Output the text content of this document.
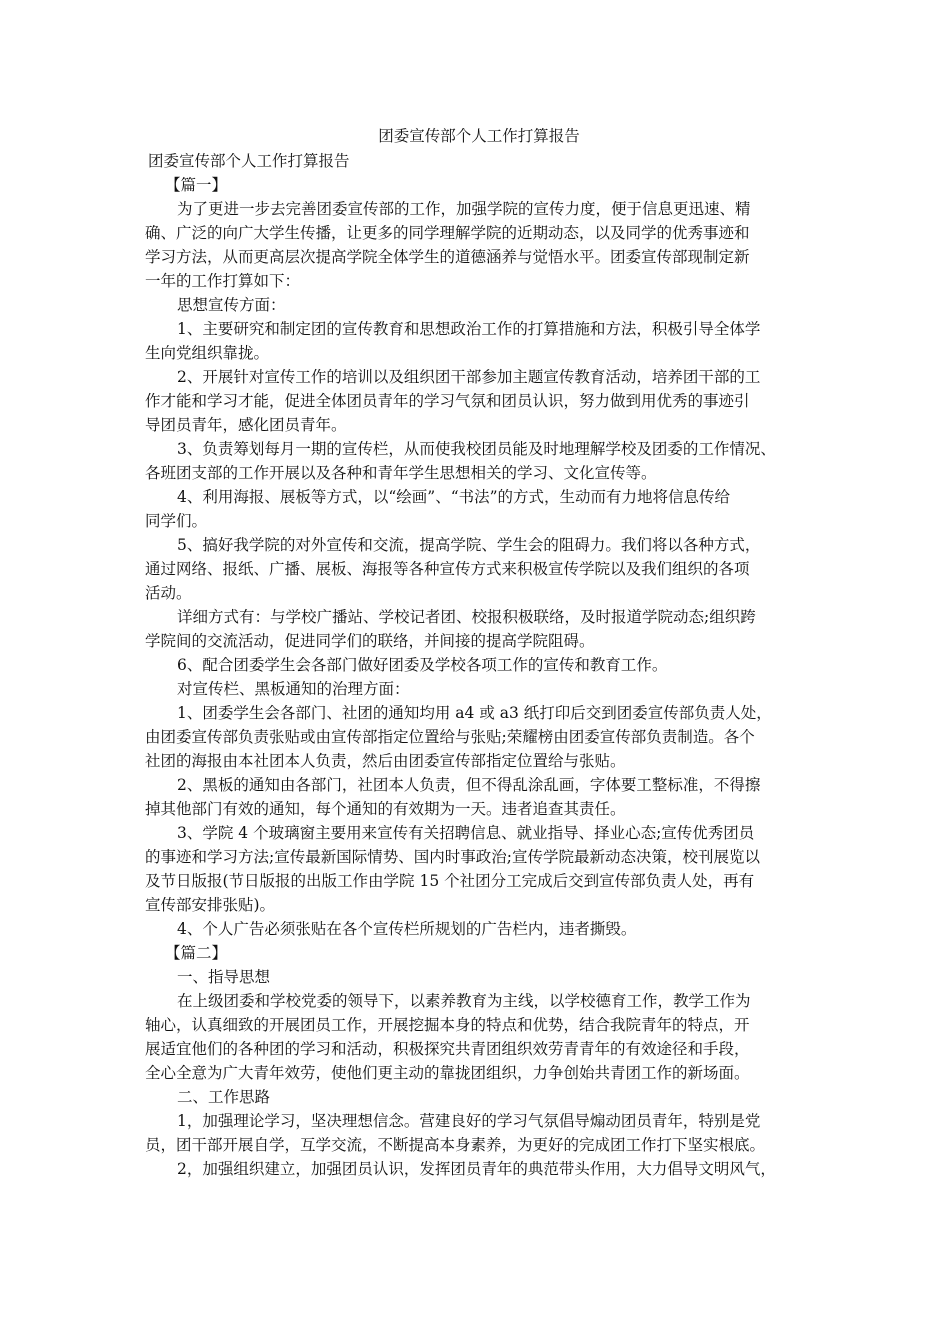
团委宣传部个人工作打算报告
团委宣传部个人工作打算报告
【篇一】
为了更进一步去完善团委宣传部的工作，加强学院的宣传力度，便于信息更迅速、精
确、广泛的向广大学生传播，让更多的同学理解学院的近期动态，以及同学的优秀事迹和
学习方法，从而更高层次提高学院全体学生的道德涵养与觉悟水平。团委宣传部现制定新
一年的工作打算如下：
思想宣传方面：
1、主要研究和制定团的宣传教育和思想政治工作的打算措施和方法，积极引导全体学
生向党组织靠拢。
2、开展针对宣传工作的培训以及组织团干部参加主题宣传教育活动，培养团干部的工
作才能和学习才能，促进全体团员青年的学习气氛和团员认识，努力做到用优秀的事迹引
导团员青年，感化团员青年。
3、负责筹划每月一期的宣传栏，从而使我校团员能及时地理解学校及团委的工作情况、
各班团支部的工作开展以及各种和青年学生思想相关的学习、文化宣传等。
4、利用海报、展板等方式，以“绘画”、“书法”的方式，生动而有力地将信息传给
同学们。
5、搞好我学院的对外宣传和交流，提高学院、学生会的阻碍力。我们将以各种方式，
通过网络、报纸、广播、展板、海报等各种宣传方式来积极宣传学院以及我们组织的各项
活动。
详细方式有：与学校广播站、学校记者团、校报积极联络，及时报道学院动态;组织跨
学院间的交流活动，促进同学们的联络，并间接的提高学院阻碍。
6、配合团委学生会各部门做好团委及学校各项工作的宣传和教育工作。
对宣传栏、黑板通知的治理方面：
1、团委学生会各部门、社团的通知均用 a4 或 a3 纸打印后交到团委宣传部负责人处，
由团委宣传部负责张贴或由宣传部指定位置给与张贴;荣耀榜由团委宣传部负责制造。各个
社团的海报由本社团本人负责，然后由团委宣传部指定位置给与张贴。
2、黑板的通知由各部门，社团本人负责，但不得乱涂乱画，字体要工整标准，不得擦
掉其他部门有效的通知，每个通知的有效期为一天。违者追查其责任。
3、学院 4 个玻璃窗主要用来宣传有关招聘信息、就业指导、择业心态;宣传优秀团员
的事迹和学习方法;宣传最新国际情势、国内时事政治;宣传学院最新动态决策，校刊展览以
及节日版报(节日版报的出版工作由学院 15 个社团分工完成后交到宣传部负责人处，再有
宣传部安排张贴)。
4、个人广告必须张贴在各个宣传栏所规划的广告栏内，违者撕毁。
【篇二】
一、指导思想
在上级团委和学校党委的领导下，以素养教育为主线，以学校德育工作，教学工作为
轴心，认真细致的开展团员工作，开展挖掘本身的特点和优势，结合我院青年的特点，开
展适宜他们的各种团的学习和活动，积极探究共青团组织效劳青青年的有效途径和手段，
全心全意为广大青年效劳，使他们更主动的靠拢团组织，力争创始共青团工作的新场面。
二、工作思路
1，加强理论学习，坚决理想信念。营建良好的学习气氛倡导煽动团员青年，特别是党
员，团干部开展自学，互学交流，不断提高本身素养，为更好的完成团工作打下坚实根底。
2，加强组织建立，加强团员认识，发挥团员青年的典范带头作用，大力倡导文明风气，
